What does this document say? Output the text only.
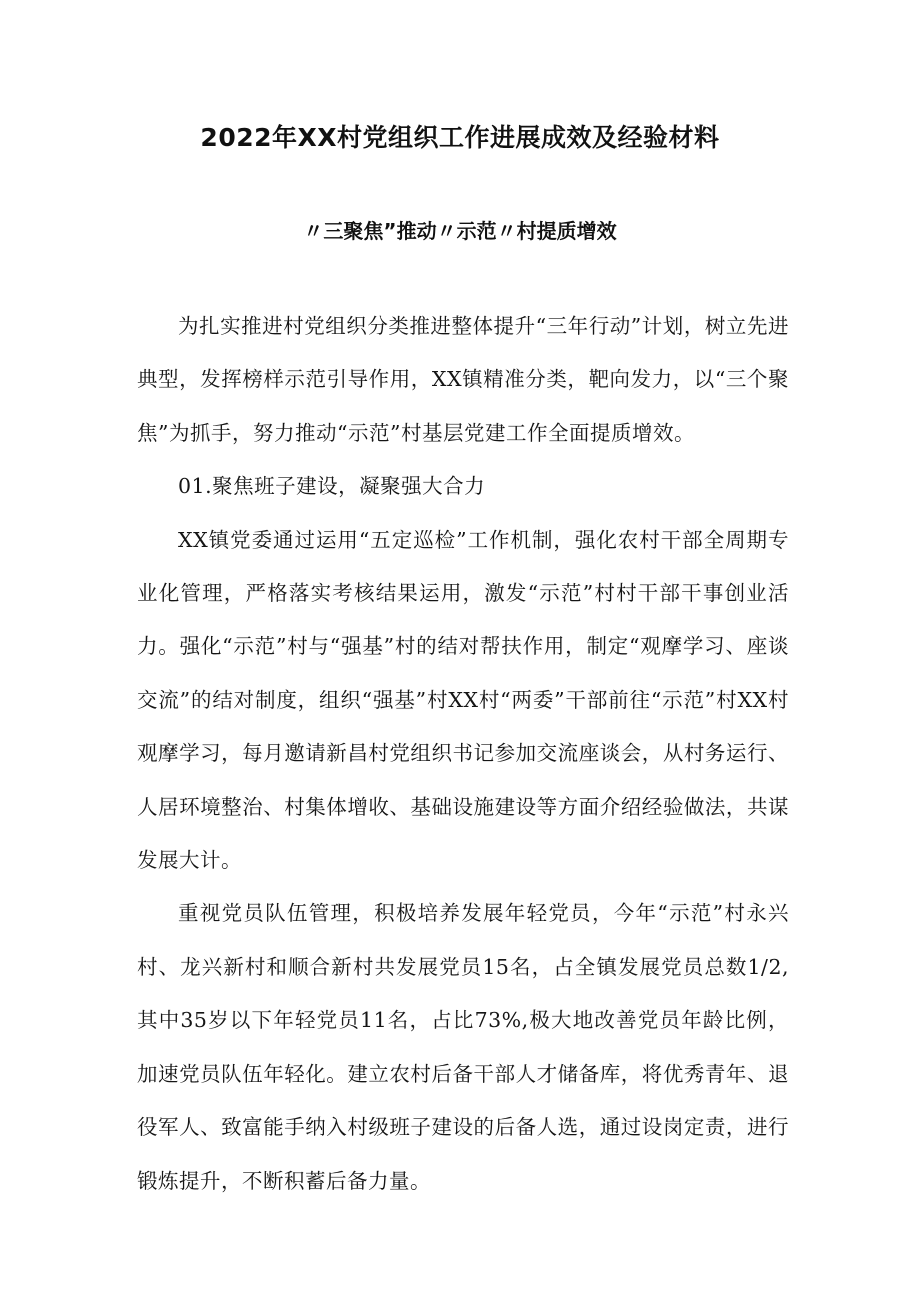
2022年XX村党组织工作进展成效及经验材料
〃三聚焦”推动〃示范〃村提质增效

为扎实推进村党组织分类推进整体提升“三年行动”计划，树立先进典型，发挥榜样示范引导作用，XX镇精准分类，靶向发力，以“三个聚焦”为抓手，努力推动“示范”村基层党建工作全面提质增效。

01.聚焦班子建设，凝聚强大合力

XX镇党委通过运用“五定巡检”工作机制，强化农村干部全周期专业化管理，严格落实考核结果运用，激发“示范”村村干部干事创业活力。强化“示范”村与“强基”村的结对帮扶作用，制定“观摩学习、座谈交流”的结对制度，组织“强基”村XX村“两委”干部前往“示范”村XX村观摩学习，每月邀请新昌村党组织书记参加交流座谈会，从村务运行、人居环境整治、村集体增收、基础设施建设等方面介绍经验做法，共谋发展大计。

重视党员队伍管理，积极培养发展年轻党员，今年“示范”村永兴村、龙兴新村和顺合新村共发展党员15名，占全镇发展党员总数1/2,其中35岁以下年轻党员11名，占比73%,极大地改善党员年龄比例，加速党员队伍年轻化。建立农村后备干部人才储备库，将优秀青年、退役军人、致富能手纳入村级班子建设的后备人选，通过设岗定责，进行锻炼提升，不断积蓄后备力量。
